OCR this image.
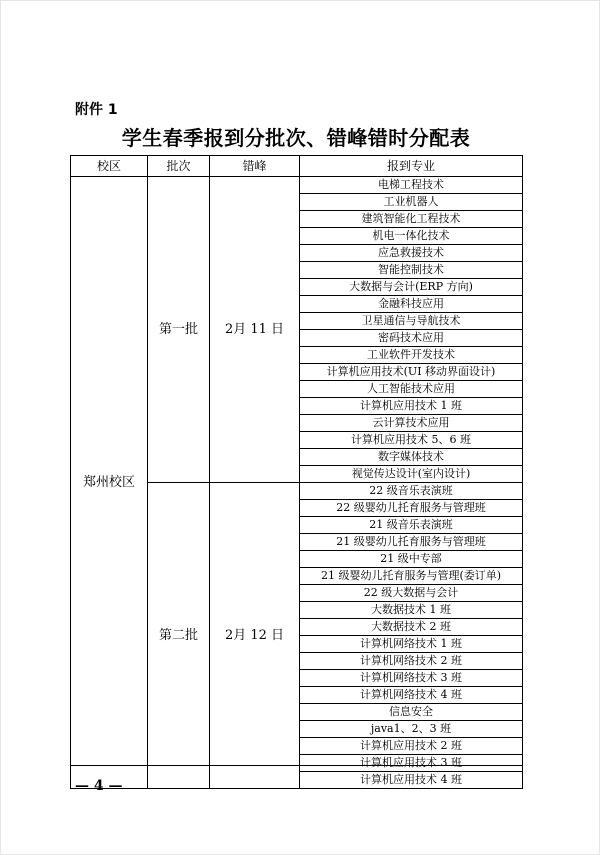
附件 1
学生春季报到分批次、错峰错时分配表
校区	批次	错峰	报到专业
郑州校区	第一批	2月 11 日	电梯工程技术
			工业机器人
			建筑智能化工程技术
			机电一体化技术
			应急救援技术
			智能控制技术
			大数据与会计(ERP 方向)
			金融科技应用
			卫星通信与导航技术
			密码技术应用
			工业软件开发技术
			计算机应用技术(UI 移动界面设计)
			人工智能技术应用
			计算机应用技术 1 班
			云计算技术应用
			计算机应用技术 5、6 班
			数字媒体技术
			视觉传达设计(室内设计)
	第二批	2月 12 日	22 级音乐表演班
			22 级婴幼儿托育服务与管理班
			21 级音乐表演班
			21 级婴幼儿托育服务与管理班
			21 级中专部
			21 级婴幼儿托育服务与管理(委订单)
			22 级大数据与会计
			大数据技术 1 班
			大数据技术 2 班
			计算机网络技术 1 班
			计算机网络技术 2 班
			计算机网络技术 3 班
			计算机网络技术 4 班
			信息安全
			java1、2、3 班
			计算机应用技术 2 班
			计算机应用技术 3 班
			计算机应用技术 4 班
— 4 —
